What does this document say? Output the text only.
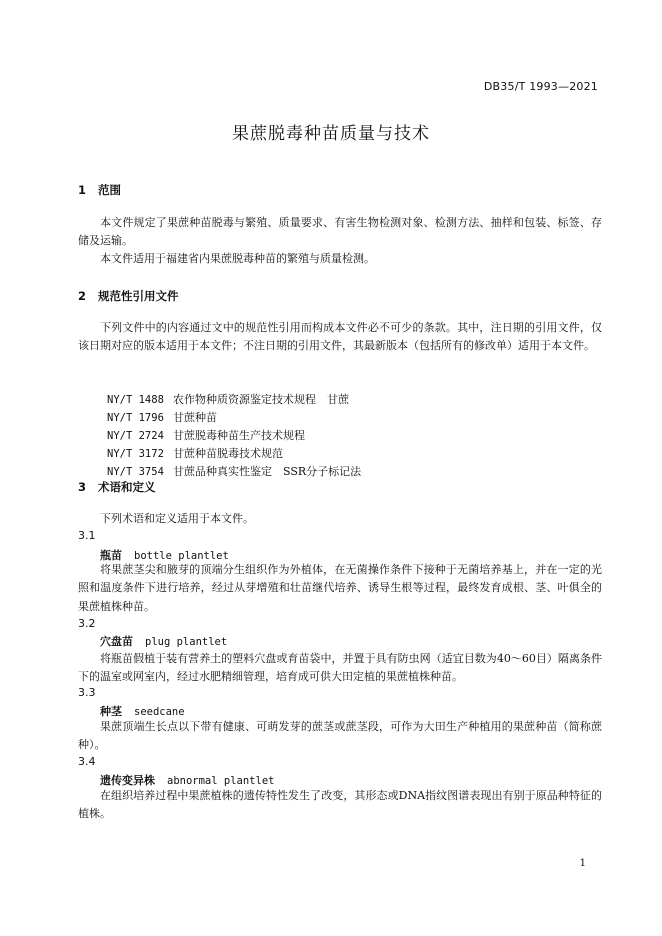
DB35/T 1993—2021
果蔗脱毒种苗质量与技术
1 范围
本文件规定了果蔗种苗脱毒与繁殖、质量要求、有害生物检测对象、检测方法、抽样和包装、标签、存储及运输。
本文件适用于福建省内果蔗脱毒种苗的繁殖与质量检测。
2 规范性引用文件
下列文件中的内容通过文中的规范性引用而构成本文件必不可少的条款。其中，注日期的引用文件，仅该日期对应的版本适用于本文件；不注日期的引用文件，其最新版本（包括所有的修改单）适用于本文件。

NY/T 1488 农作物种质资源鉴定技术规程　甘蔗

NY/T 1796 甘蔗种苗

NY/T 2724 甘蔗脱毒种苗生产技术规程

NY/T 3172 甘蔗种苗脱毒技术规范

NY/T 3754 甘蔗品种真实性鉴定　SSR分子标记法

3 术语和定义
下列术语和定义适用于本文件。
3.1
瓶苗 bottle plantlet
将果蔗茎尖和腋芽的顶端分生组织作为外植体，在无菌操作条件下接种于无菌培养基上，并在一定的光照和温度条件下进行培养，经过从芽增殖和壮苗继代培养、诱导生根等过程，最终发育成根、茎、叶俱全的果蔗植株种苗。
3.2
穴盘苗 plug plantlet
将瓶苗假植于装有营养土的塑料穴盘或育苗袋中，并置于具有防虫网（适宜目数为40～60目）隔离条件下的温室或网室内，经过水肥精细管理，培育成可供大田定植的果蔗植株种苗。
3.3
种茎 seedcane
果蔗顶端生长点以下带有健康、可萌发芽的蔗茎或蔗茎段，可作为大田生产种植用的果蔗种苗（简称蔗种）。
3.4
遗传变异株 abnormal plantlet
在组织培养过程中果蔗植株的遗传特性发生了改变，其形态或DNA指纹图谱表现出有别于原品种特征的植株。
1
